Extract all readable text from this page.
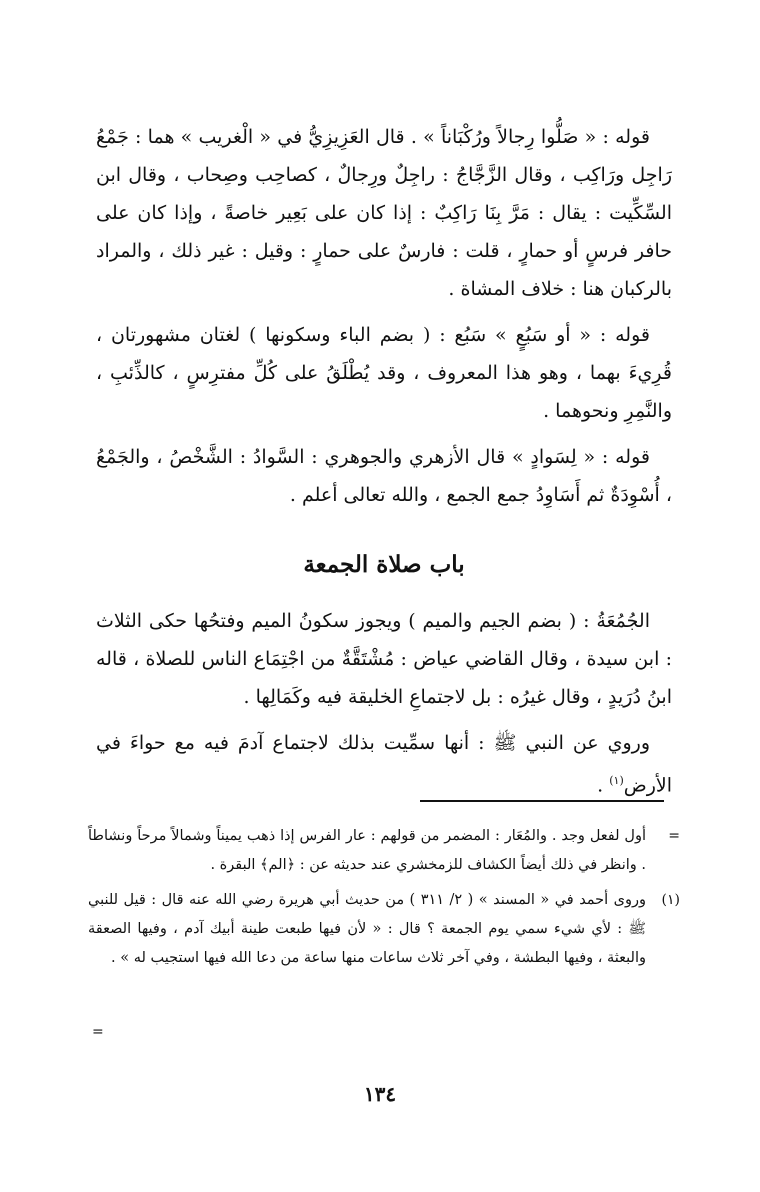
قوله : « صَلُّوا رِجالاً ورُكْبَاناً » . قال العَزِيزِيُّ في « الْغريب » هما : جَمْعُ رَاجِل ورَاكِب ، وقال الزَّجَّاجُ : راجِلٌ ورِجالٌ ، كصاحِب وصِحاب ، وقال ابن السِّكِّيت : يقال : مَرَّ بِنَا رَاكِبٌ : إذا كان على بَعِير خاصةً ، وإذا كان على حافر فرسٍ أو حمارٍ ، قلت : فارسٌ على حمارٍ : وقيل : غير ذلك ، والمراد بالركبان هنا : خلاف المشاة .

قوله : « أو سَبُعٍ » سَبُع : ( بضم الباء وسكونها ) لغتان مشهورتان ، قُرِيءَ بهما ، وهو هذا المعروف ، وقد يُطْلَقُ على كُلِّ مفترِسٍ ، كالذِّئبِ ، والنَّمِرِ ونحوهما .

قوله : « لِسَوادٍ » قال الأزهري والجوهري : السَّوادُ : الشَّخْصُ ، والجَمْعُ ، أُسْوِدَةٌ ثم أَسَاوِدُ جمع الجمع ، والله تعالى أعلم .

باب صلاة الجمعة

الجُمُعَةُ : ( بضم الجيم والميم ) ويجوز سكونُ الميم وفتحُها حكى الثلاث : ابن سيدة ، وقال القاضي عياض : مُشْتَقَّةٌ من اجْتِمَاع الناس للصلاة ، قاله ابنُ دُرَيدٍ ، وقال غيرُه : بل لاجتماعِ الخليقة فيه وكَمَالِها .

وروي عن النبي ﷺ : أنها سمِّيت بذلك لاجتماع آدمَ فيه مع حواءَ في الأرض$^{(١)}$ .

=
أول لفعل وجد . والمُعَار : المضمر من قولهم : عار الفرس إذا ذهب يميناً وشمالاً مرحاً ونشاطاً . وانظر في ذلك أيضاً الكشاف للزمخشري عند حديثه عن : ﴿الم﴾ البقرة .
(١)
وروى أحمد في « المسند » ( ٢/ ٣١١ ) من حديث أبي هريرة رضي الله عنه قال : قيل للنبي ﷺ : لأي شيء سمي يوم الجمعة ؟ قال : « لأن فيها طبعت طينة أبيك آدم ، وفيها الصعقة والبعثة ، وفيها البطشة ، وفي آخر ثلاث ساعات منها ساعة من دعا الله فيها استجيب له » .
=
١٣٤
